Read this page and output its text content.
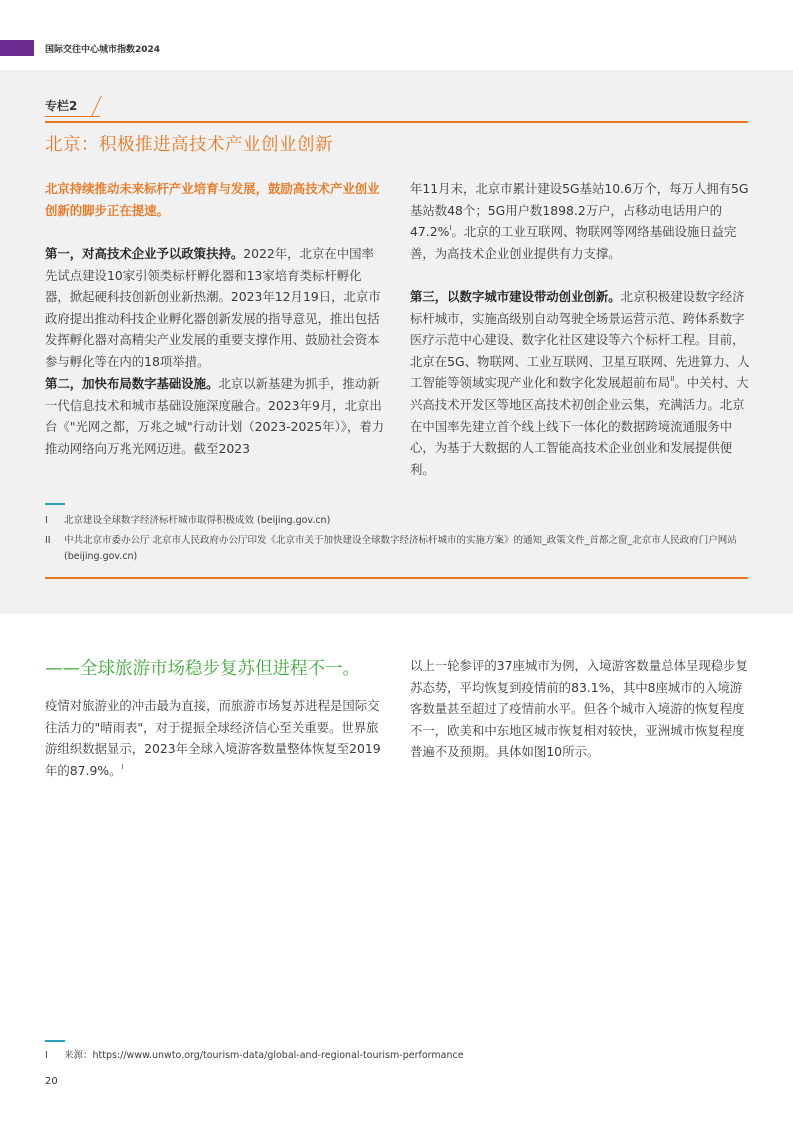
国际交往中心城市指数2024
专栏2
北京：积极推进高技术产业创业创新

北京持续推动未来标杆产业培育与发展，鼓励高技术产业创业创新的脚步正在提速。

第一，对高技术企业予以政策扶持。2022年，北京在中国率先试点建设10家引领类标杆孵化器和13家培育类标杆孵化器，掀起硬科技创新创业新热潮。2023年12月19日，北京市政府提出推动科技企业孵化器创新发展的指导意见，推出包括发挥孵化器对高精尖产业发展的重要支撑作用、鼓励社会资本参与孵化等在内的18项举措。

第二，加快布局数字基础设施。北京以新基建为抓手，推动新一代信息技术和城市基础设施深度融合。2023年9月，北京出台《"光网之都，万兆之城"行动计划（2023-2025年）》，着力推动网络向万兆光网迈进。截至2023

年11月末，北京市累计建设5G基站10.6万个，每万人拥有5G基站数48个；5G用户数1898.2万户，占移动电话用户的47.2%$^I$。北京的工业互联网、物联网等网络基础设施日益完善，为高技术企业创业提供有力支撑。

第三，以数字城市建设带动创业创新。北京积极建设数字经济标杆城市，实施高级别自动驾驶全场景运营示范、跨体系数字医疗示范中心建设、数字化社区建设等六个标杆工程。目前，北京在5G、物联网、工业互联网、卫星互联网、先进算力、人工智能等领域实现产业化和数字化发展超前布局$^{II}$。中关村、大兴高技术开发区等地区高技术初创企业云集，充满活力。北京在中国率先建立首个线上线下一体化的数据跨境流通服务中心，为基于大数据的人工智能高技术企业创业和发展提供便利。

I 北京建设全球数字经济标杆城市取得积极成效 (beijing.gov.cn)
II 中共北京市委办公厅 北京市人民政府办公厅印发《北京市关于加快建设全球数字经济标杆城市的实施方案》的通知_政策文件_首都之窗_北京市人民政府门户网站 (beijing.gov.cn)
——全球旅游市场稳步复苏但进程不一。

疫情对旅游业的冲击最为直接，而旅游市场复苏进程是国际交往活力的"晴雨表"，对于提振全球经济信心至关重要。世界旅游组织数据显示，2023年全球入境游客数量整体恢复至2019年的87.9%。$^I$

以上一轮参评的37座城市为例，入境游客数量总体呈现稳步复苏态势，平均恢复到疫情前的83.1%，其中8座城市的入境游客数量甚至超过了疫情前水平。但各个城市入境游的恢复程度不一，欧美和中东地区城市恢复相对较快，亚洲城市恢复程度普遍不及预期。具体如图10所示。

I 来源：https://www.unwto.org/tourism-data/global-and-regional-tourism-performance
20
